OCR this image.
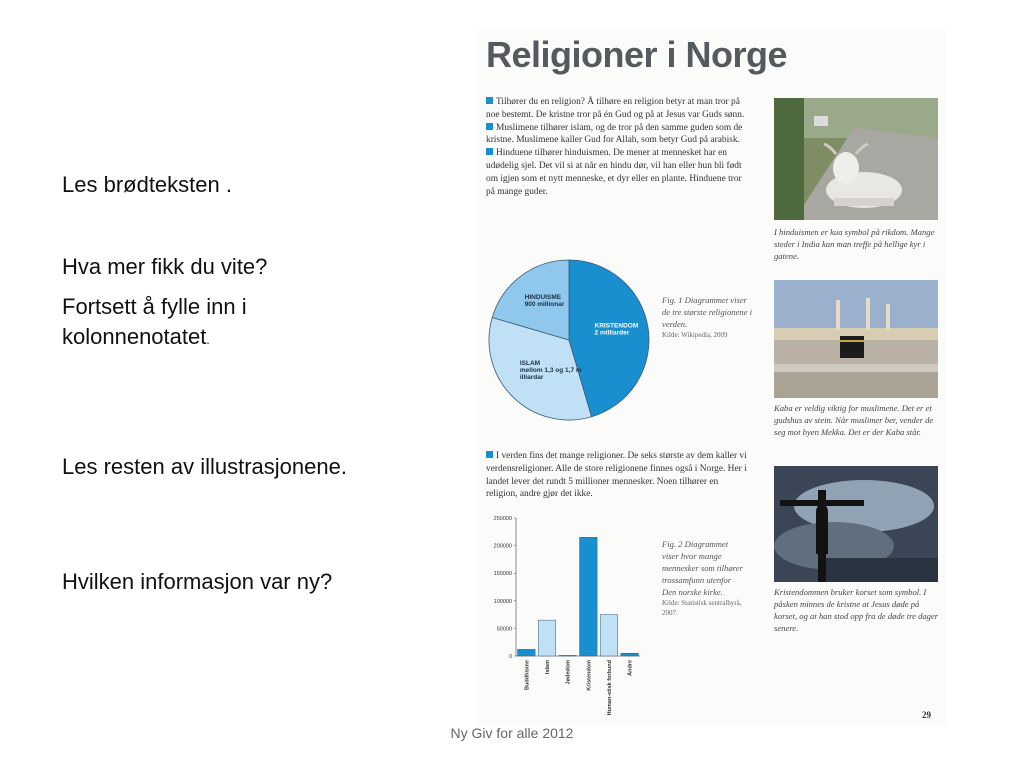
Les brødteksten .

Hva mer fikk du vite?

Fortsett å fylle inn i kolonnenotatet.

Les resten av illustrasjonene.

Hvilken informasjon var ny?

Religioner i Norge

Tilhører du en religion? Å tilhøre en religion betyr at man tror på noe bestemt. De kristne tror på én Gud og på at Jesus var Guds sønn.

Muslimene tilhører islam, og de tror på den samme guden som de kristne. Muslimene kaller Gud for Allah, som betyr Gud på arabisk.

Hinduene tilhører hinduismen. De mener at mennesket har en udødelig sjel. Det vil si at når en hindu dør, vil han eller hun bli født om igjen som et nytt menneske, et dyr eller en plante. Hinduene tror på mange guder.

KRISTENDOM
2 milliarder
ISLAM
mellom 1,3 og 1,7 m
illiardar
HINDUISME
900 millionar	Fig. 1 Diagrammet viser de tre største religionene i verden.
Kilde: Wikipedia, 2009

I verden fins det mange religioner. De seks største av dem kaller vi verdensreligioner. Alle de store religionene finnes også i Norge. Her i landet lever det rundt 5 millioner mennesker. Noen tilhører en religion, andre gjør det ikke.

0
50000
100000
150000
200000
250000
Buddhisme	Islam	Jødedom	Kristendom	Human-etisk forbund	Andre
Fig. 2 Diagrammet viser hvor mange mennesker som tilhører trossamfunn utenfor Den norske kirke.
Kilde: Statistisk sentralbyrå, 2007.
I hinduismen er kua symbol på rikdom. Mange steder i India kan man treffe på hellige kyr i gatene.
Kaba er veldig viktig for muslimene. Det er et gudshus av stein. Når muslimer ber, vender de seg mot byen Mekka. Det er der Kaba står.
Kristendommen bruker korset som symbol. I påsken minnes de kristne at Jesus døde på korset, og at han stod opp fra de døde tre dager senere.
29
Ny Giv for alle 2012
